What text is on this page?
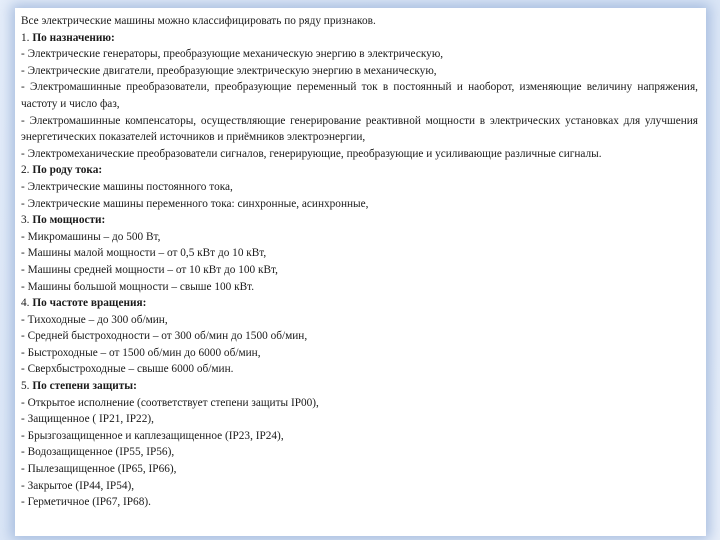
Все электрические машины можно классифицировать по ряду признаков.
1. По назначению:
- Электрические генераторы, преобразующие механическую энергию в электрическую,
- Электрические двигатели, преобразующие электрическую энергию в механическую,
- Электромашинные преобразователи, преобразующие переменный ток в постоянный и наоборот, изменяющие величину напряжения, частоту и число фаз,
- Электромашинные компенсаторы, осуществляющие генерирование реактивной мощности в электрических установках для улучшения энергетических показателей источников и приёмников электроэнергии,
- Электромеханические преобразователи сигналов, генерирующие, преобразующие и усиливающие различные сигналы.
2. По роду тока:
- Электрические машины постоянного тока,
- Электрические машины переменного тока: синхронные, асинхронные,
3. По мощности:
- Микромашины – до 500 Вт,
- Машины малой мощности – от 0,5 кВт до 10 кВт,
- Машины средней мощности – от 10 кВт до 100 кВт,
- Машины большой мощности – свыше 100 кВт.
4. По частоте вращения:
- Тихоходные – до 300 об/мин,
- Средней быстроходности – от 300 об/мин до 1500 об/мин,
- Быстроходные – от 1500 об/мин до 6000 об/мин,
- Сверхбыстроходные – свыше 6000 об/мин.
5. По степени защиты:
- Открытое исполнение (соответствует степени защиты IP00),
- Защищенное ( IP21, IP22),
- Брызгозащищенное и каплезащищенное (IP23, IP24),
- Водозащищенное (IP55, IP56),
- Пылезащищенное (IP65, IP66),
- Закрытое (IP44, IP54),
- Герметичное (IP67, IP68).
